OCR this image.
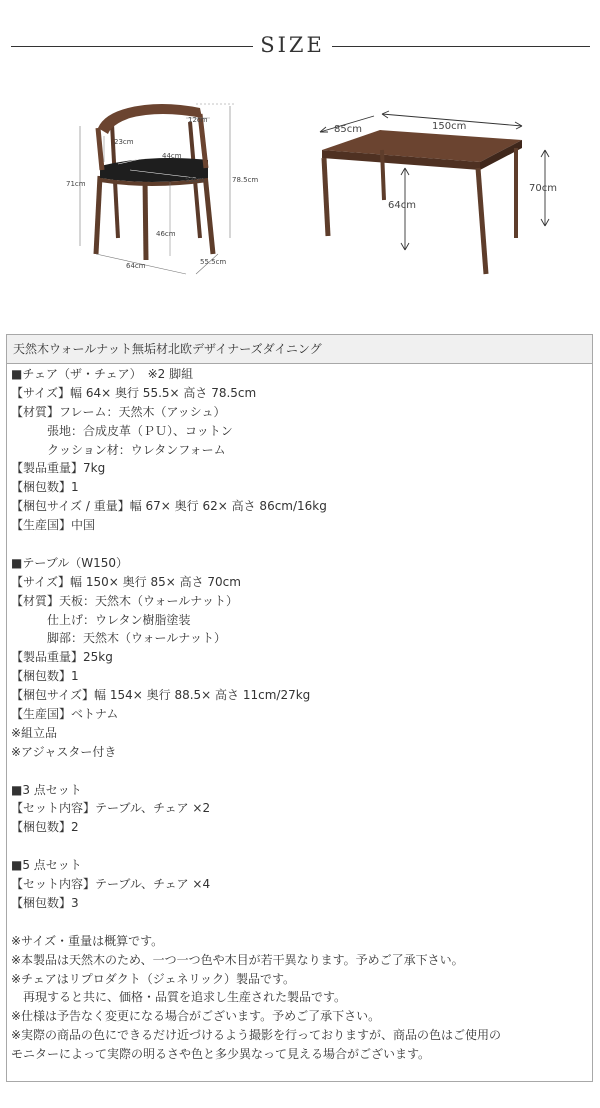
SIZE
12cm
23cm
44cm
53cm
71cm	78.5cm
46cm
64cm	55.5cm
85cm	150cm
70cm
64cm
天然木ウォールナット無垢材北欧デザイナーズダイニング
■チェア（ザ・チェア）　※2 脚組
【サイズ】幅 64× 奥行 55.5× 高さ 78.5cm
【材質】フレーム：天然木（アッシュ）
　　　張地：合成皮革（ＰＵ）、コットン
　　　クッション材：ウレタンフォーム
【製品重量】7kg
【梱包数】1
【梱包サイズ / 重量】幅 67× 奥行 62× 高さ 86cm/16kg
【生産国】中国
■テーブル（W150）
【サイズ】幅 150× 奥行 85× 高さ 70cm
【材質】天板：天然木（ウォールナット）
　　　仕上げ：ウレタン樹脂塗装
　　　脚部：天然木（ウォールナット）
【製品重量】25kg
【梱包数】1
【梱包サイズ】幅 154× 奥行 88.5× 高さ 11cm/27kg
【生産国】ベトナム
※組立品
※アジャスター付き
■3 点セット
【セット内容】テーブル、チェア ×2
【梱包数】2
■5 点セット
【セット内容】テーブル、チェア ×4
【梱包数】3
※サイズ・重量は概算です。
※本製品は天然木のため、一つ一つ色や木目が若干異なります。予めご了承下さい。
※チェアはリプロダクト（ジェネリック）製品です。
　再現すると共に、価格・品質を追求し生産された製品です。
※仕様は予告なく変更になる場合がございます。予めご了承下さい。
※実際の商品の色にできるだけ近づけるよう撮影を行っておりますが、商品の色はご使用の
モニターによって実際の明るさや色と多少異なって見える場合がございます。
